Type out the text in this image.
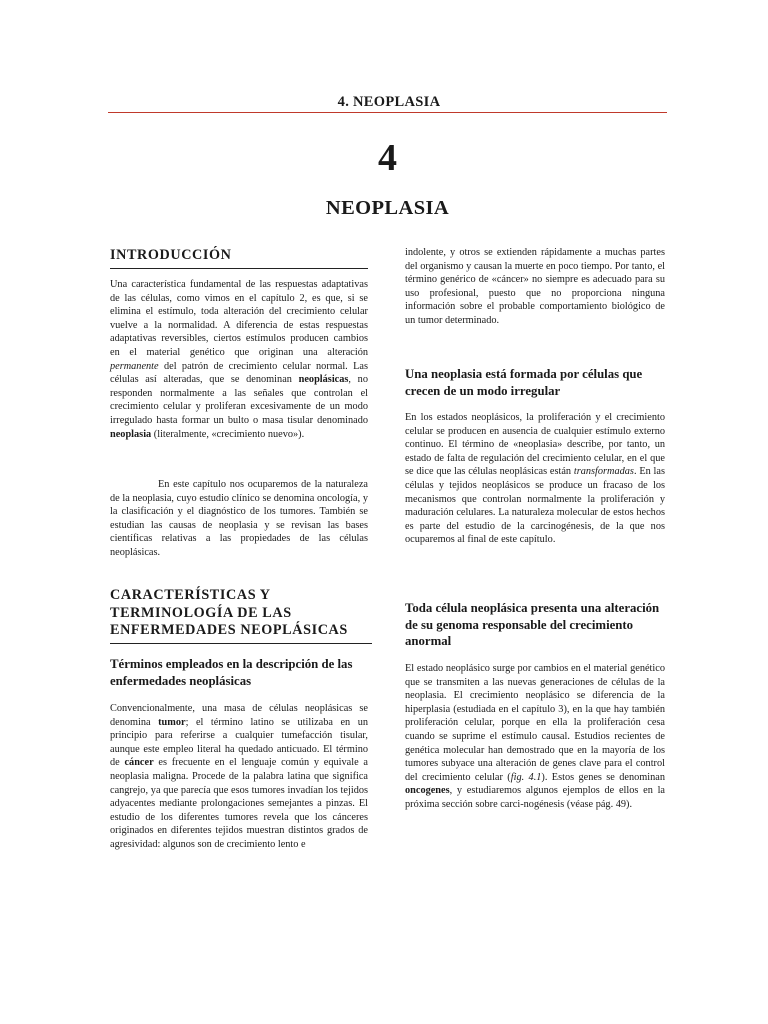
4. NEOPLASIA
4
NEOPLASIA
INTRODUCCIÓN

Una característica fundamental de las respuestas adaptativas de las células, como vimos en el capítulo 2, es que, si se elimina el estímulo, toda alteración del crecimiento celular vuelve a la normalidad. A diferencia de estas respuestas adaptativas reversibles, ciertos estímulos producen cambios en el material genético que originan una alteración permanente del patrón de crecimiento celular normal. Las células así alteradas, que se denominan neoplásicas, no responden normalmente a las señales que controlan el crecimiento celular y proliferan excesivamente de un modo irregulado hasta formar un bulto o masa tisular denominado neoplasia (literalmente, «crecimiento nuevo»).

En este capítulo nos ocuparemos de la naturaleza de la neoplasia, cuyo estudio clínico se denomina oncología, y la clasificación y el diagnóstico de los tumores. También se estudian las causas de neoplasia y se revisan las bases científicas relativas a las propiedades de las células neoplásicas.

CARACTERÍSTICAS Y TERMINOLOGÍA DE LAS ENFERMEDADES NEOPLÁSICAS
Términos empleados en la descripción de las enfermedades neoplásicas

Convencionalmente, una masa de células neoplásicas se denomina tumor; el término latino se utilizaba en un principio para referirse a cualquier tumefacción tisular, aunque este empleo literal ha quedado anticuado. El término de cáncer es frecuente en el lenguaje común y equivale a neoplasia maligna. Procede de la palabra latina que significa cangrejo, ya que parecía que esos tumores invadían los tejidos adyacentes mediante prolongaciones semejantes a pinzas. El estudio de los diferentes tumores revela que los cánceres originados en diferentes tejidos muestran distintos grados de agresividad: algunos son de crecimiento lento e

indolente, y otros se extienden rápidamente a muchas partes del organismo y causan la muerte en poco tiempo. Por tanto, el término genérico de «cáncer» no siempre es adecuado para su uso profesional, puesto que no proporciona ninguna información sobre el probable comportamiento biológico de un tumor determinado.

Una neoplasia está formada por células que crecen de un modo irregular

En los estados neoplásicos, la proliferación y el crecimiento celular se producen en ausencia de cualquier estímulo externo continuo. El término de «neoplasia» describe, por tanto, un estado de falta de regulación del crecimiento celular, en el que se dice que las células neoplásicas están transformadas. En las células y tejidos neoplásicos se produce un fracaso de los mecanismos que controlan normalmente la proliferación y maduración celulares. La naturaleza molecular de estos hechos es parte del estudio de la carcinogénesis, de la que nos ocuparemos al final de este capítulo.

Toda célula neoplásica presenta una alteración de su genoma responsable del crecimiento anormal

El estado neoplásico surge por cambios en el material genético que se transmiten a las nuevas generaciones de células de la neoplasia. El crecimiento neoplásico se diferencia de la hiperplasia (estudiada en el capítulo 3), en la que hay también proliferación celular, porque en ella la proliferación cesa cuando se suprime el estímulo causal. Estudios recientes de genética molecular han demostrado que en la mayoría de los tumores subyace una alteración de genes clave para el control del crecimiento celular (fig. 4.1). Estos genes se denominan oncogenes, y estudiaremos algunos ejemplos de ellos en la próxima sección sobre carci-nogénesis (véase pág. 49).
